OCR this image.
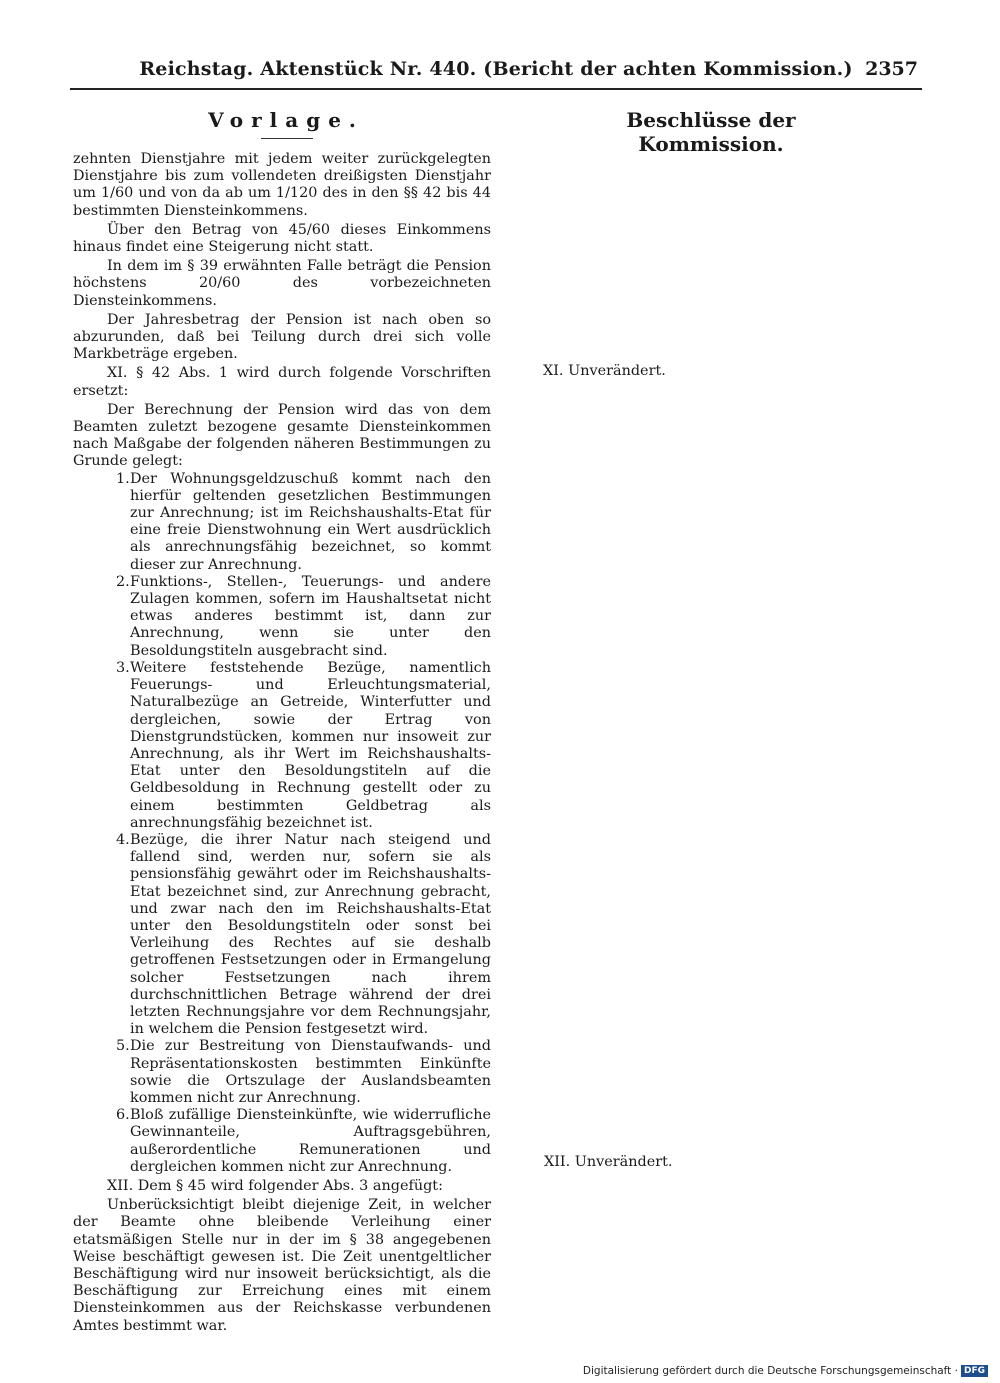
Reichstag. Aktenstück Nr. 440. (Bericht der achten Kommission.) 2357
Vorlage.	Beschlüsse der Kommission.

zehnten Dienstjahre mit jedem weiter zurückgelegten Dienstjahre bis zum vollendeten dreißigsten Dienstjahr um 1/60 und von da ab um 1/120 des in den §§ 42 bis 44 bestimmten Diensteinkommens.

Über den Betrag von 45/60 dieses Einkommens hinaus findet eine Steigerung nicht statt.

In dem im § 39 erwähnten Falle beträgt die Pension höchstens 20/60 des vorbezeichneten Diensteinkommens.

Der Jahresbetrag der Pension ist nach oben so abzurunden, daß bei Teilung durch drei sich volle Markbeträge ergeben.

XI. § 42 Abs. 1 wird durch folgende Vorschriften ersetzt:

Der Berechnung der Pension wird das von dem Beamten zuletzt bezogene gesamte Diensteinkommen nach Maßgabe der folgenden näheren Bestimmungen zu Grunde gelegt:

1. Der Wohnungsgeldzuschuß kommt nach den hierfür geltenden gesetzlichen Bestimmungen zur Anrechnung; ist im Reichshaushalts-Etat für eine freie Dienstwohnung ein Wert ausdrücklich als anrechnungsfähig bezeichnet, so kommt dieser zur Anrechnung.
2. Funktions-, Stellen-, Teuerungs- und andere Zulagen kommen, sofern im Haushaltsetat nicht etwas anderes bestimmt ist, dann zur Anrechnung, wenn sie unter den Besoldungstiteln ausgebracht sind.
3. Weitere feststehende Bezüge, namentlich Feuerungs- und Erleuchtungsmaterial, Naturalbezüge an Getreide, Winterfutter und dergleichen, sowie der Ertrag von Dienstgrundstücken, kommen nur insoweit zur Anrechnung, als ihr Wert im Reichshaushalts-Etat unter den Besoldungstiteln auf die Geldbesoldung in Rechnung gestellt oder zu einem bestimmten Geldbetrag als anrechnungsfähig bezeichnet ist.
4. Bezüge, die ihrer Natur nach steigend und fallend sind, werden nur, sofern sie als pensionsfähig gewährt oder im Reichshaushalts-Etat bezeichnet sind, zur Anrechnung gebracht, und zwar nach den im Reichshaushalts-Etat unter den Besoldungstiteln oder sonst bei Verleihung des Rechtes auf sie deshalb getroffenen Festsetzungen oder in Ermangelung solcher Festsetzungen nach ihrem durchschnittlichen Betrage während der drei letzten Rechnungsjahre vor dem Rechnungsjahr, in welchem die Pension festgesetzt wird.
5. Die zur Bestreitung von Dienstaufwands- und Repräsentationskosten bestimmten Einkünfte sowie die Ortszulage der Auslandsbeamten kommen nicht zur Anrechnung.
6. Bloß zufällige Diensteinkünfte, wie widerrufliche Gewinnanteile, Auftragsgebühren, außerordentliche Remunerationen und dergleichen kommen nicht zur Anrechnung.

XII. Dem § 45 wird folgender Abs. 3 angefügt:

Unberücksichtigt bleibt diejenige Zeit, in welcher der Beamte ohne bleibende Verleihung einer etatsmäßigen Stelle nur in der im § 38 angegebenen Weise beschäftigt gewesen ist. Die Zeit unentgeltlicher Beschäftigung wird nur insoweit berücksichtigt, als die Beschäftigung zur Erreichung eines mit einem Diensteinkommen aus der Reichskasse verbundenen Amtes bestimmt war.

XI. Unverändert.
XII. Unverändert.
Digitalisierung gefördert durch die Deutsche Forschungsgemeinschaft · DFG
